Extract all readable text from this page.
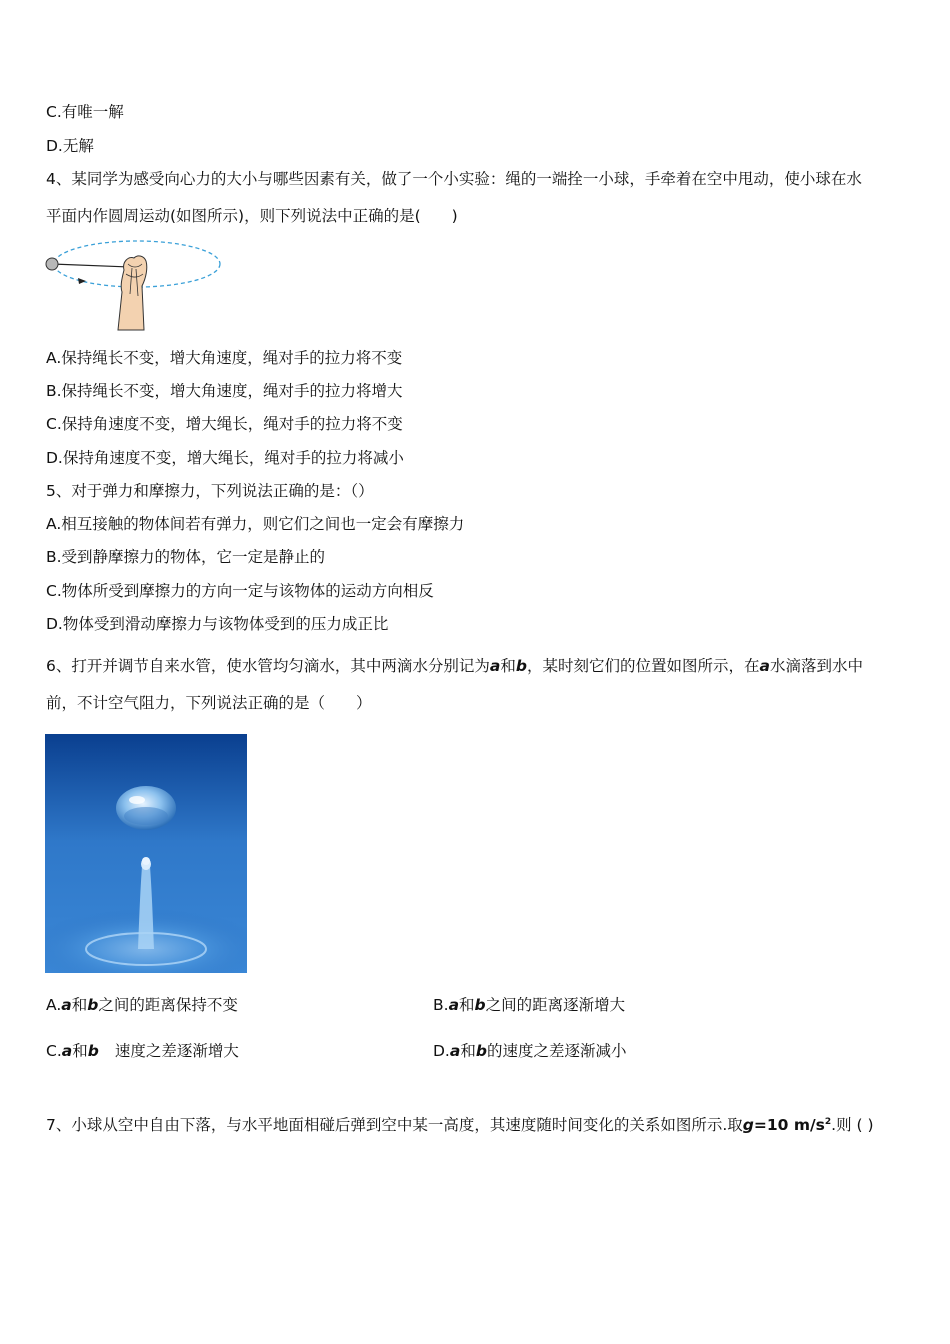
C.有唯一解
D.无解
4、某同学为感受向心力的大小与哪些因素有关，做了一个小实验：绳的一端拴一小球，手牵着在空中甩动，使小球在水
平面内作圆周运动(如图所示)，则下列说法中正确的是(　　)
A.保持绳长不变，增大角速度，绳对手的拉力将不变
B.保持绳长不变，增大角速度，绳对手的拉力将增大
C.保持角速度不变，增大绳长，绳对手的拉力将不变
D.保持角速度不变，增大绳长，绳对手的拉力将减小
5、对于弹力和摩擦力，下列说法正确的是：（）
A.相互接触的物体间若有弹力，则它们之间也一定会有摩擦力
B.受到静摩擦力的物体，它一定是静止的
C.物体所受到摩擦力的方向一定与该物体的运动方向相反
D.物体受到滑动摩擦力与该物体受到的压力成正比
6、打开并调节自来水管，使水管均匀滴水，其中两滴水分别记为a和b，某时刻它们的位置如图所示，在a水滴落到水中
前，不计空气阻力，下列说法正确的是（　　）
A.a和b之间的距离保持不变	B.a和b之间的距离逐渐增大
C.a和b 速度之差逐渐增大	D.a和b的速度之差逐渐减小
7、小球从空中自由下落，与水平地面相碰后弹到空中某一高度，其速度随时间变化的关系如图所示.取g=10 $m/s^2$.则 ( )
